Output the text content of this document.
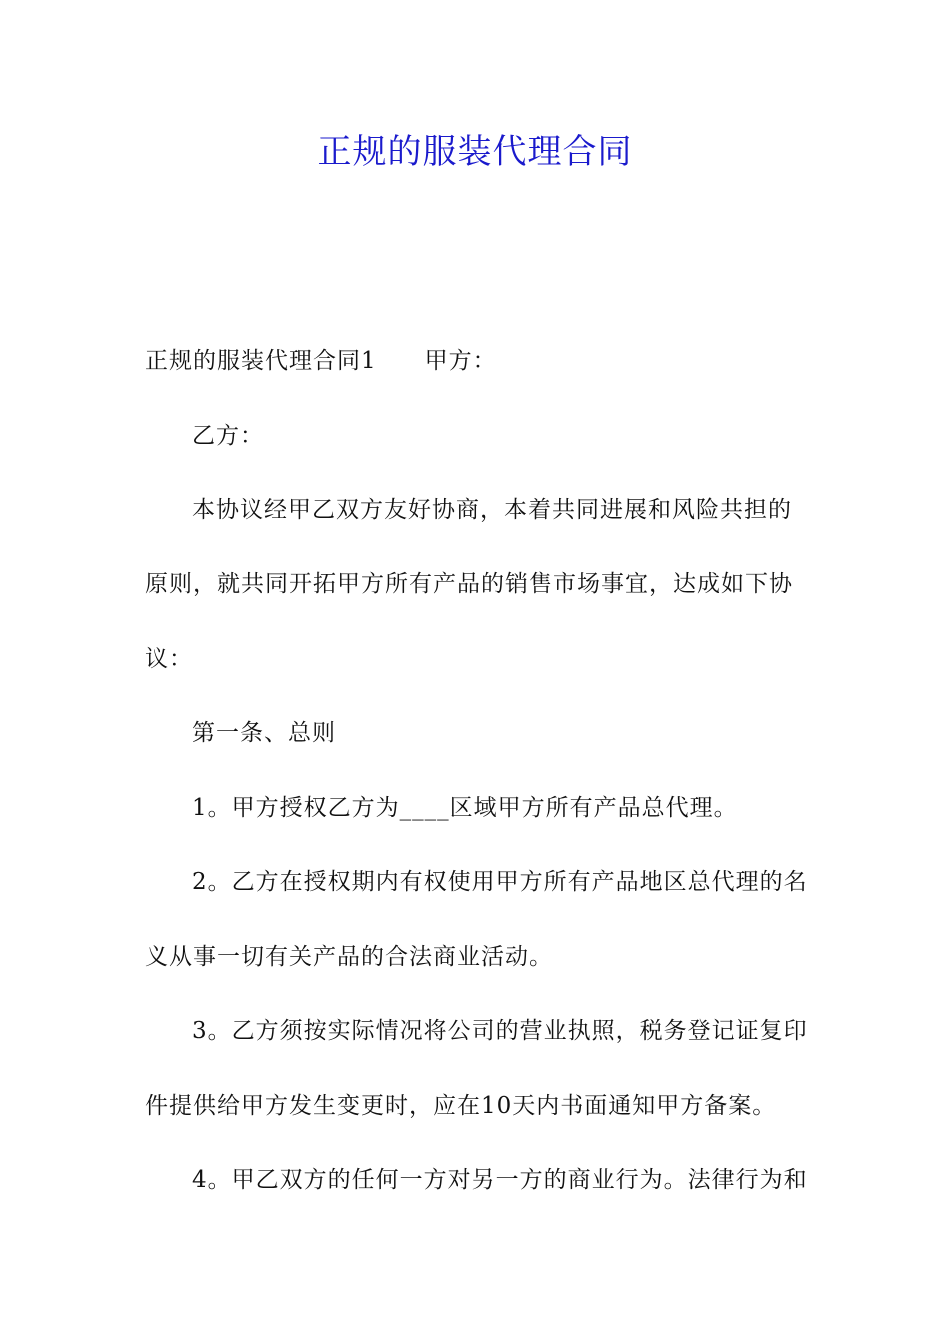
正规的服装代理合同
正规的服装代理合同1 甲方：
乙方：
本协议经甲乙双方友好协商，本着共同进展和风险共担的
原则，就共同开拓甲方所有产品的销售市场事宜，达成如下协
议：
第一条、总则
1。甲方授权乙方为____区域甲方所有产品总代理。
2。乙方在授权期内有权使用甲方所有产品地区总代理的名
义从事一切有关产品的合法商业活动。
3。乙方须按实际情况将公司的营业执照，税务登记证复印
件提供给甲方发生变更时，应在10天内书面通知甲方备案。
4。甲乙双方的任何一方对另一方的商业行为。法律行为和
